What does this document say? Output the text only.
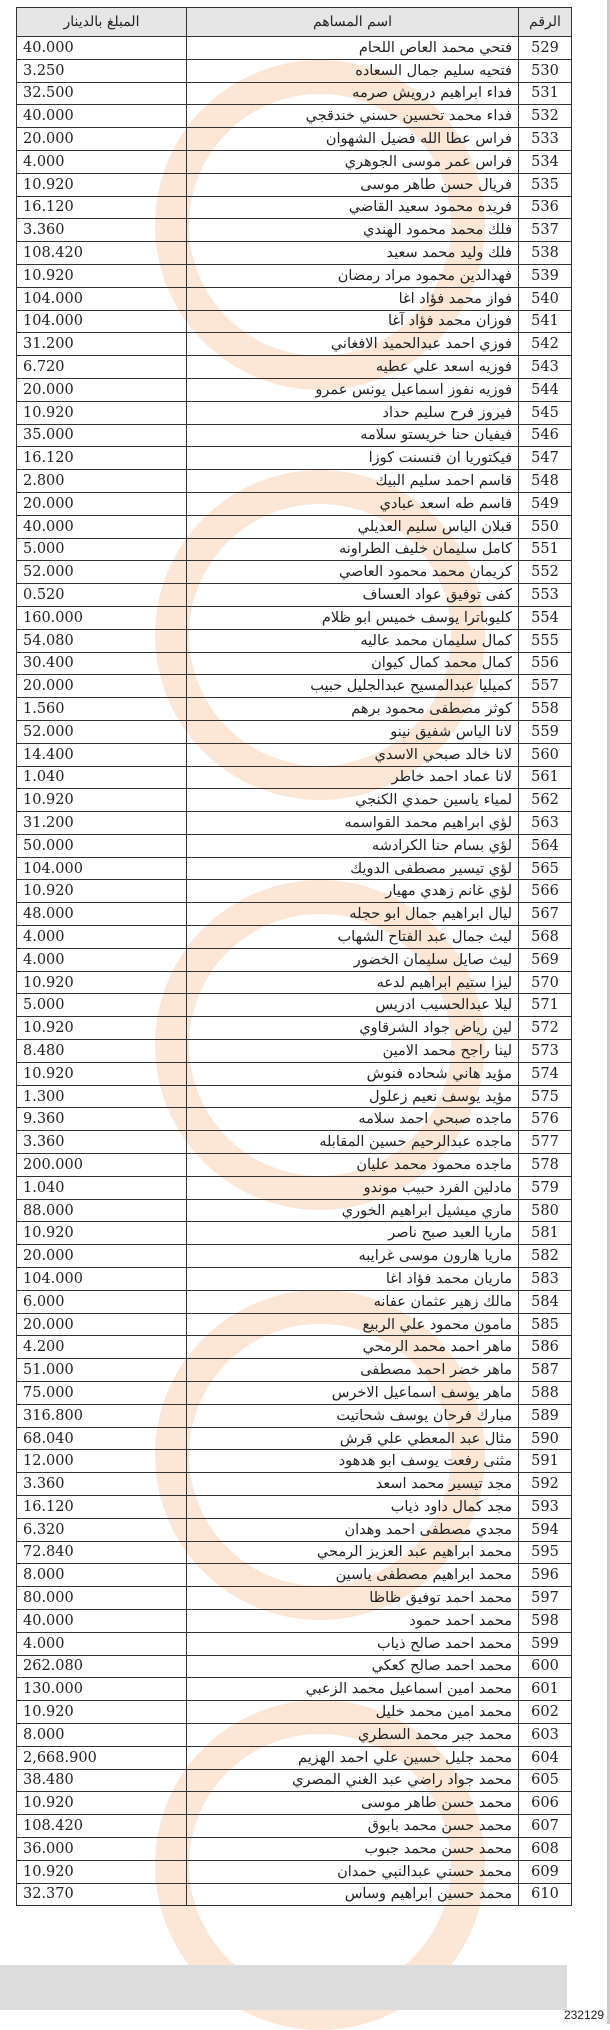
الرقم	اسم المساهم	المبلغ بالدينار
529	فتحي محمد العاص اللحام	40.000
530	فتحيه سليم جمال السعاده	3.250
531	فداء ابراهيم درويش صرمه	32.500
532	فداء محمد تحسين حسني خندقجي	40.000
533	فراس عطا الله فضيل الشهوان	20.000
534	فراس عمر موسى الجوهري	4.000
535	فريال حسن طاهر موسى	10.920
536	فريده محمود سعيد القاضي	16.120
537	فلك محمد محمود الهندي	3.360
538	فلك وليد محمد سعيد	108.420
539	فهدالدين محمود مراد رمضان	10.920
540	فواز محمد فؤاد اغا	104.000
541	فوزان محمد فؤاد آغا	104.000
542	فوزي احمد عبدالحميد الافغاني	31.200
543	فوزيه اسعد علي عطيه	6.720
544	فوزيه نفوز اسماعيل يونس عمرو	20.000
545	فيروز فرح سليم حداد	10.920
546	فيفيان حنا خريستو سلامه	35.000
547	فيكتوريا ان فنسنت كوزا	16.120
548	قاسم احمد سليم البيك	2.800
549	قاسم طه اسعد عبادي	20.000
550	قبلان الياس سليم العديلي	40.000
551	كامل سليمان خليف الطراونه	5.000
552	كريمان محمد محمود العاصي	52.000
553	كفى توفيق عواد العساف	0.520
554	كليوباترا يوسف خميس ابو ظلام	160.000
555	كمال سليمان محمد عاليه	54.080
556	كمال محمد كمال كيوان	30.400
557	كميليا عبدالمسيح عبدالجليل حبيب	20.000
558	كوثر مصطفى محمود برهم	1.560
559	لانا الياس شفيق نينو	52.000
560	لانا خالد صبحي الاسدي	14.400
561	لانا عماد احمد خاطر	1.040
562	لمياء ياسين حمدي الكنجي	10.920
563	لؤي ابراهيم محمد القواسمه	31.200
564	لؤي بسام حنا الكرادشه	50.000
565	لؤي تيسير مصطفى الدويك	104.000
566	لؤي غانم زهدي مهيار	10.920
567	ليال ابراهيم جمال ابو حجله	48.000
568	ليث جمال عبد الفتاح الشهاب	4.000
569	ليث صايل سليمان الخضور	4.000
570	ليزا ستيم ابراهيم لدعه	10.920
571	ليلا عبدالحسيب ادريس	5.000
572	لين رياض جواد الشرقاوي	10.920
573	لينا راجح محمد الامين	8.480
574	مؤيد هاني شحاده فنوش	10.920
575	مؤيد يوسف نعيم زعلول	1.300
576	ماجده صبحي احمد سلامه	9.360
577	ماجده عبدالرحيم حسين المقابله	3.360
578	ماجده محمود محمد عليان	200.000
579	مادلين الفرد حبيب موندو	1.040
580	ماري ميشيل ابراهيم الخوري	88.000
581	ماريا العبد صبح ناصر	10.920
582	ماريا هارون موسى غرايبه	20.000
583	ماريان محمد فؤاد اغا	104.000
584	مالك زهير عثمان عفانه	6.000
585	مامون محمود علي الربيع	20.000
586	ماهر احمد محمد الرمحي	4.200
587	ماهر خضر احمد مصطفى	51.000
588	ماهر يوسف اسماعيل الاخرس	75.000
589	مبارك فرحان يوسف شحاتيت	316.800
590	مثال عبد المعطي علي قرش	68.040
591	مثنى رفعت يوسف ابو هدهود	12.000
592	مجد تيسير محمد اسعد	3.360
593	مجد كمال داود ذياب	16.120
594	مجدي مصطفى احمد وهدان	6.320
595	محمد ابراهيم عبد العزيز الرمحي	72.840
596	محمد ابراهيم مصطفى ياسين	8.000
597	محمد احمد توفيق ظاظا	80.000
598	محمد احمد حمود	40.000
599	محمد احمد صالح ذياب	4.000
600	محمد احمد صالح كعكي	262.080
601	محمد امين اسماعيل محمد الزعبي	130.000
602	محمد امين محمد خليل	10.920
603	محمد جبر محمد السطري	8.000
604	محمد جليل حسين علي احمد الهزيم	2,668.900
605	محمد جواد راضي عبد الغني المصري	38.480
606	محمد حسن طاهر موسى	10.920
607	محمد حسن محمد بابوق	108.420
608	محمد حسن محمد جبوب	36.000
609	محمد حسني عبدالنبي حمدان	10.920
610	محمد حسين ابراهيم وساس	32.370
232129
